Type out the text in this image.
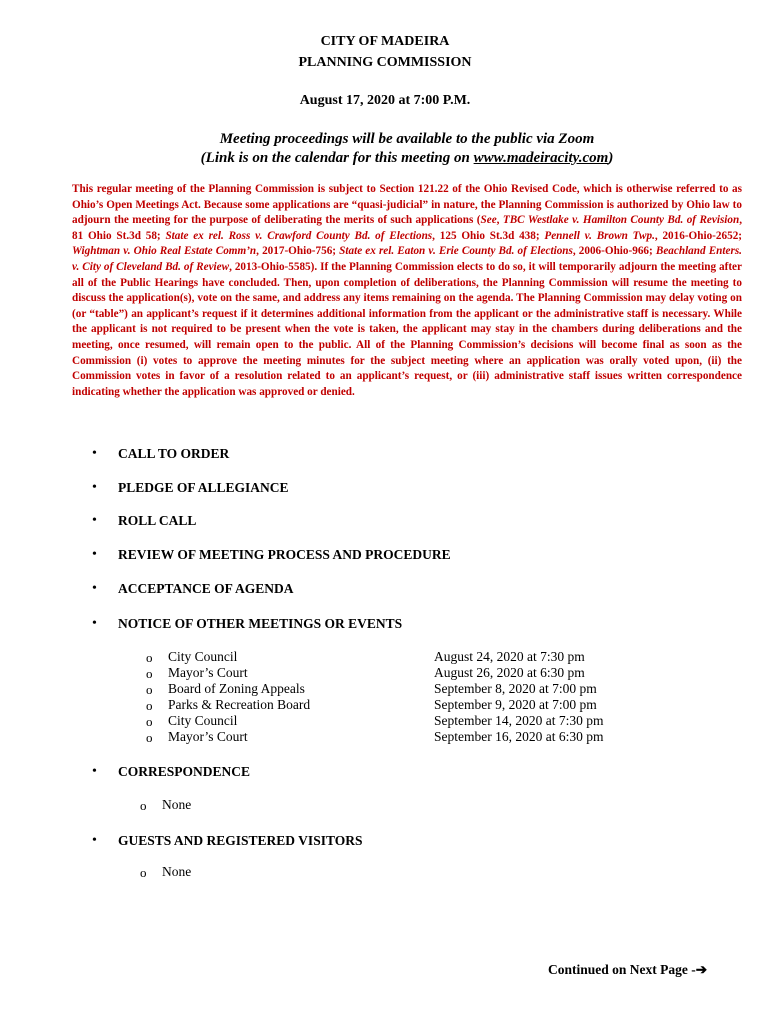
CITY OF MADEIRA
PLANNING COMMISSION
August 17, 2020 at 7:00 P.M.
Meeting proceedings will be available to the public via Zoom
(Link is on the calendar for this meeting on www.madeiracity.com)

This regular meeting of the Planning Commission is subject to Section 121.22 of the Ohio Revised Code, which is otherwise referred to as Ohio’s Open Meetings Act. Because some applications are “quasi-judicial” in nature, the Planning Commission is authorized by Ohio law to adjourn the meeting for the purpose of deliberating the merits of such applications (See, TBC Westlake v. Hamilton County Bd. of Revision, 81 Ohio St.3d 58; State ex rel. Ross v. Crawford County Bd. of Elections, 125 Ohio St.3d 438; Pennell v. Brown Twp., 2016-Ohio-2652; Wightman v. Ohio Real Estate Comm’n, 2017-Ohio-756; State ex rel. Eaton v. Erie County Bd. of Elections, 2006-Ohio-966; Beachland Enters. v. City of Cleveland Bd. of Review, 2013-Ohio-5585). If the Planning Commission elects to do so, it will temporarily adjourn the meeting after all of the Public Hearings have concluded. Then, upon completion of deliberations, the Planning Commission will resume the meeting to discuss the application(s), vote on the same, and address any items remaining on the agenda. The Planning Commission may delay voting on (or “table”) an applicant’s request if it determines additional information from the applicant or the administrative staff is necessary. While the applicant is not required to be present when the vote is taken, the applicant may stay in the chambers during deliberations and the meeting, once resumed, will remain open to the public. All of the Planning Commission’s decisions will become final as soon as the Commission (i) votes to approve the meeting minutes for the subject meeting where an application was orally voted upon, (ii) the Commission votes in favor of a resolution related to an applicant’s request, or (iii) administrative staff issues written correspondence indicating whether the application was approved or denied.

• CALL TO ORDER
• PLEDGE OF ALLEGIANCE
• ROLL CALL
• REVIEW OF MEETING PROCESS AND PROCEDURE
• ACCEPTANCE OF AGENDA
• NOTICE OF OTHER MEETINGS OR EVENTS
o City Council	August 24, 2020 at 7:30 pm
o Mayor’s Court	August 26, 2020 at 6:30 pm
o Board of Zoning Appeals	September 8, 2020 at 7:00 pm
o Parks & Recreation Board	September 9, 2020 at 7:00 pm
o City Council	September 14, 2020 at 7:30 pm
o Mayor’s Court	September 16, 2020 at 6:30 pm
• CORRESPONDENCE
o None
• GUESTS AND REGISTERED VISITORS
o None
Continued on Next Page -➔
